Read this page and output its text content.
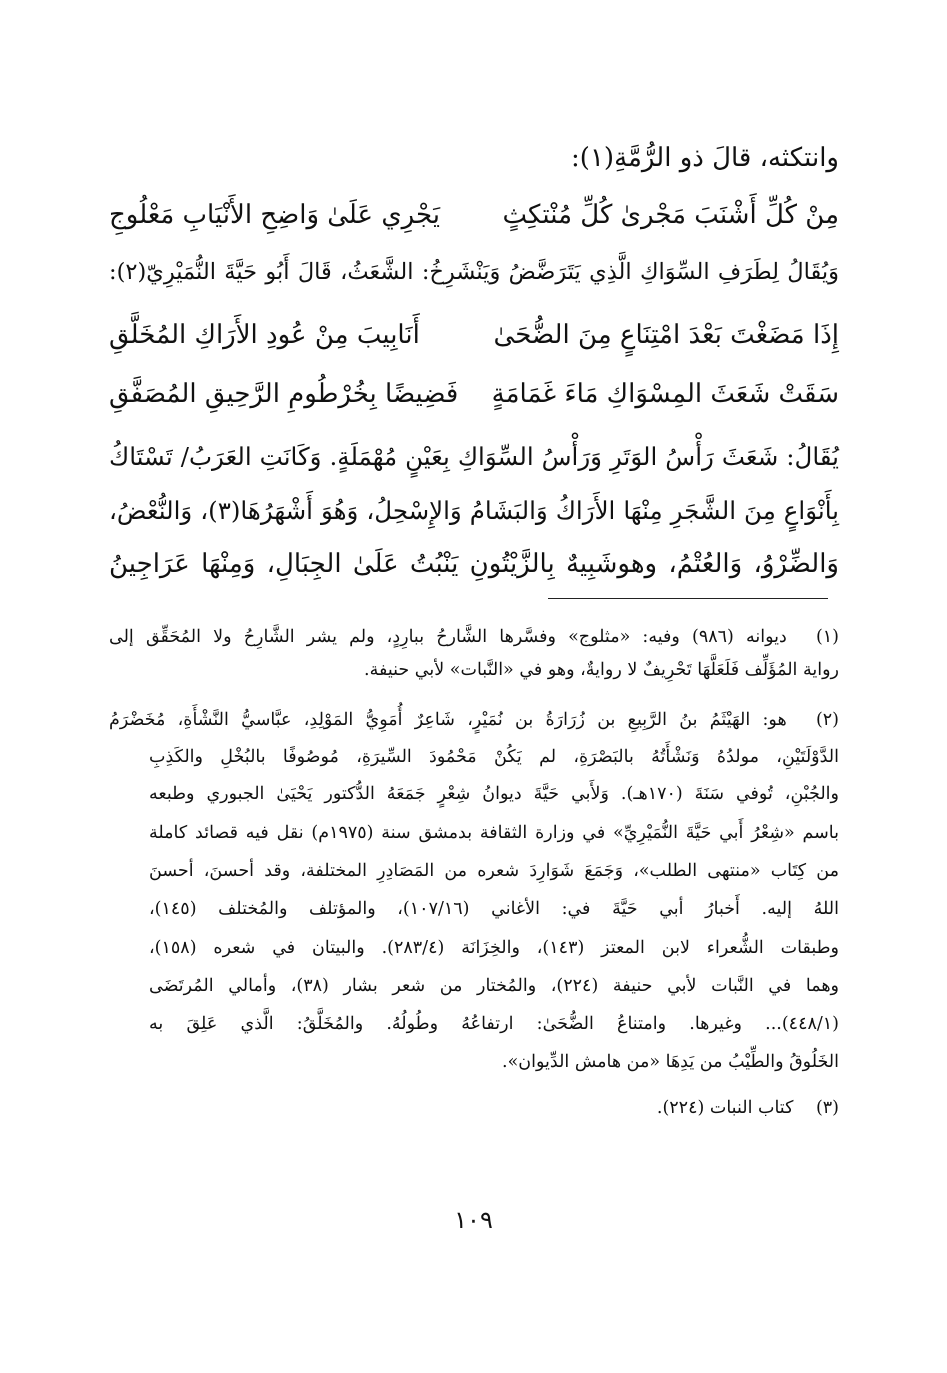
وانتكثه، قالَ ذو الرُّمَّةِ(١):
مِنْ كُلِّ أَشْنَبَ مَجْرىٰ كُلِّ مُنْتكِثٍ
يَجْرِي عَلَىٰ وَاضِحِ الأَنْيَابِ مَعْلُوجِ
وَيُقَالُ لِطَرَفِ السِّوَاكِ الَّذِي يَتَرَضَّضُ وَيَنْشَرِخُ: الشَّعَثُ، قَالَ أَبُو حَيَّةَ النُّمَيْرِيّ(٢):
إِذَا مَضَغْتَ بَعْدَ امْتِنَاعٍ مِنَ الضُّحَىٰ
أَنَابِيبَ مِنْ عُودِ الأَرَاكِ المُخَلَّقِ
سَقَتْ شَعَثَ المِسْوَاكِ مَاءَ غَمَامَةٍ
فَضِيضًا بِخُرْطُومِ الرَّحِيقِ المُصَفَّقِ
يُقَالُ: شَعَثَ رَأْسُ الوَتَرِ وَرَأْسُ السِّوَاكِ بِعَيْنٍ مُهْمَلَةٍ. وَكَانَتِ العَرَبُ/ تَسْتَاكُ
بِأَنْوَاعٍ مِنَ الشَّجَرِ مِنْهَا الأَرَاكُ وَالبَشَامُ وَالإِسْحِلُ، وَهُوَ أَشْهَرُهَا(٣)، وَالنُّعْضُ،
وَالضِّرْوُ، وَالعُتْمُ، وهوشَبِيهٌ بِالزَّيْتُونِ يَنْبُتُ عَلَىٰ الجِبَالِ، وَمِنْهَا عَرَاجِينُ
(١) ديوانه (٩٨٦) وفيه: «مثلوج» وفسَّرها الشَّارحُ ببارِدٍ، ولم يشر الشَّارِحُ ولا المُحَقِّق إلى
رواية المُؤَلِّف فَلَعَلَّهَا تَحْرِيفٌ لا روايةٌ، وهو في «النَّبات» لأبي حنيفة.
(٢) هو: الهَيْثَمُ بنُ الرَّبِيعِ بن زُرَارَةُ بن نُمَيْرٍ، شَاعِرٌ أُمَوِيُّ المَوْلِدِ، عبَّاسيُّ النَّشْأَةِ، مُخَضْرَمُ
الدَّوْلَتَيْنِ، مولدُهُ وَنَشْأَتُهُ بالبَصْرَةِ، لم يَكُنْ مَحْمُودَ السِّيرَةِ، مُوصُوفًا بالبُخْلِ والكَذِبِ
والجُبْنِ، تُوفي سَنَةَ (١٧٠هـ). وَلأَبي حَيَّةَ ديوانُ شِعْرٍ جَمَعَهُ الدُّكتور يَحْيَىٰ الجبوري وطبعه
باسم «شِعْرُ أَبي حَيَّةَ النُّمَيْرِيِّ» في وزارة الثقافة بدمشق سنة (١٩٧٥م) نقل فيه قصائد كاملة
من كِتَاب «منتهى الطلب»، وَجَمَعَ شَوَارِدَ شعره من المَصَادِرِ المختلفة، وقد أحسنَ، أحسنَ
اللهُ إليه. أَخبارُ أبي حَيَّةَ في: الأغاني (١٠٧/١٦)، والمؤتلف والمُختلف (١٤٥)،
وطبقات الشُّعراء لابن المعتز (١٤٣)، والخِزَانَة (٢٨٣/٤). والبيتان في شعره (١٥٨)،
وهما في النَّبات لأبي حنيفة (٢٢٤)، والمُختار من شعر بشار (٣٨)، وأمالي المُرتَضَى
(٤٤٨/١)... وغيرها. وامتناعُ الضُّحَىٰ: ارتفاعُهُ وطُولُهُ. والمُخَلَّقُ: الَّذي عَلِقَ به
الخَلُوقُ والطِّيْبُ من يَدِهَا «من هامش الدِّيوان».
(٣) كتاب النبات (٢٢٤).
١٠٩
